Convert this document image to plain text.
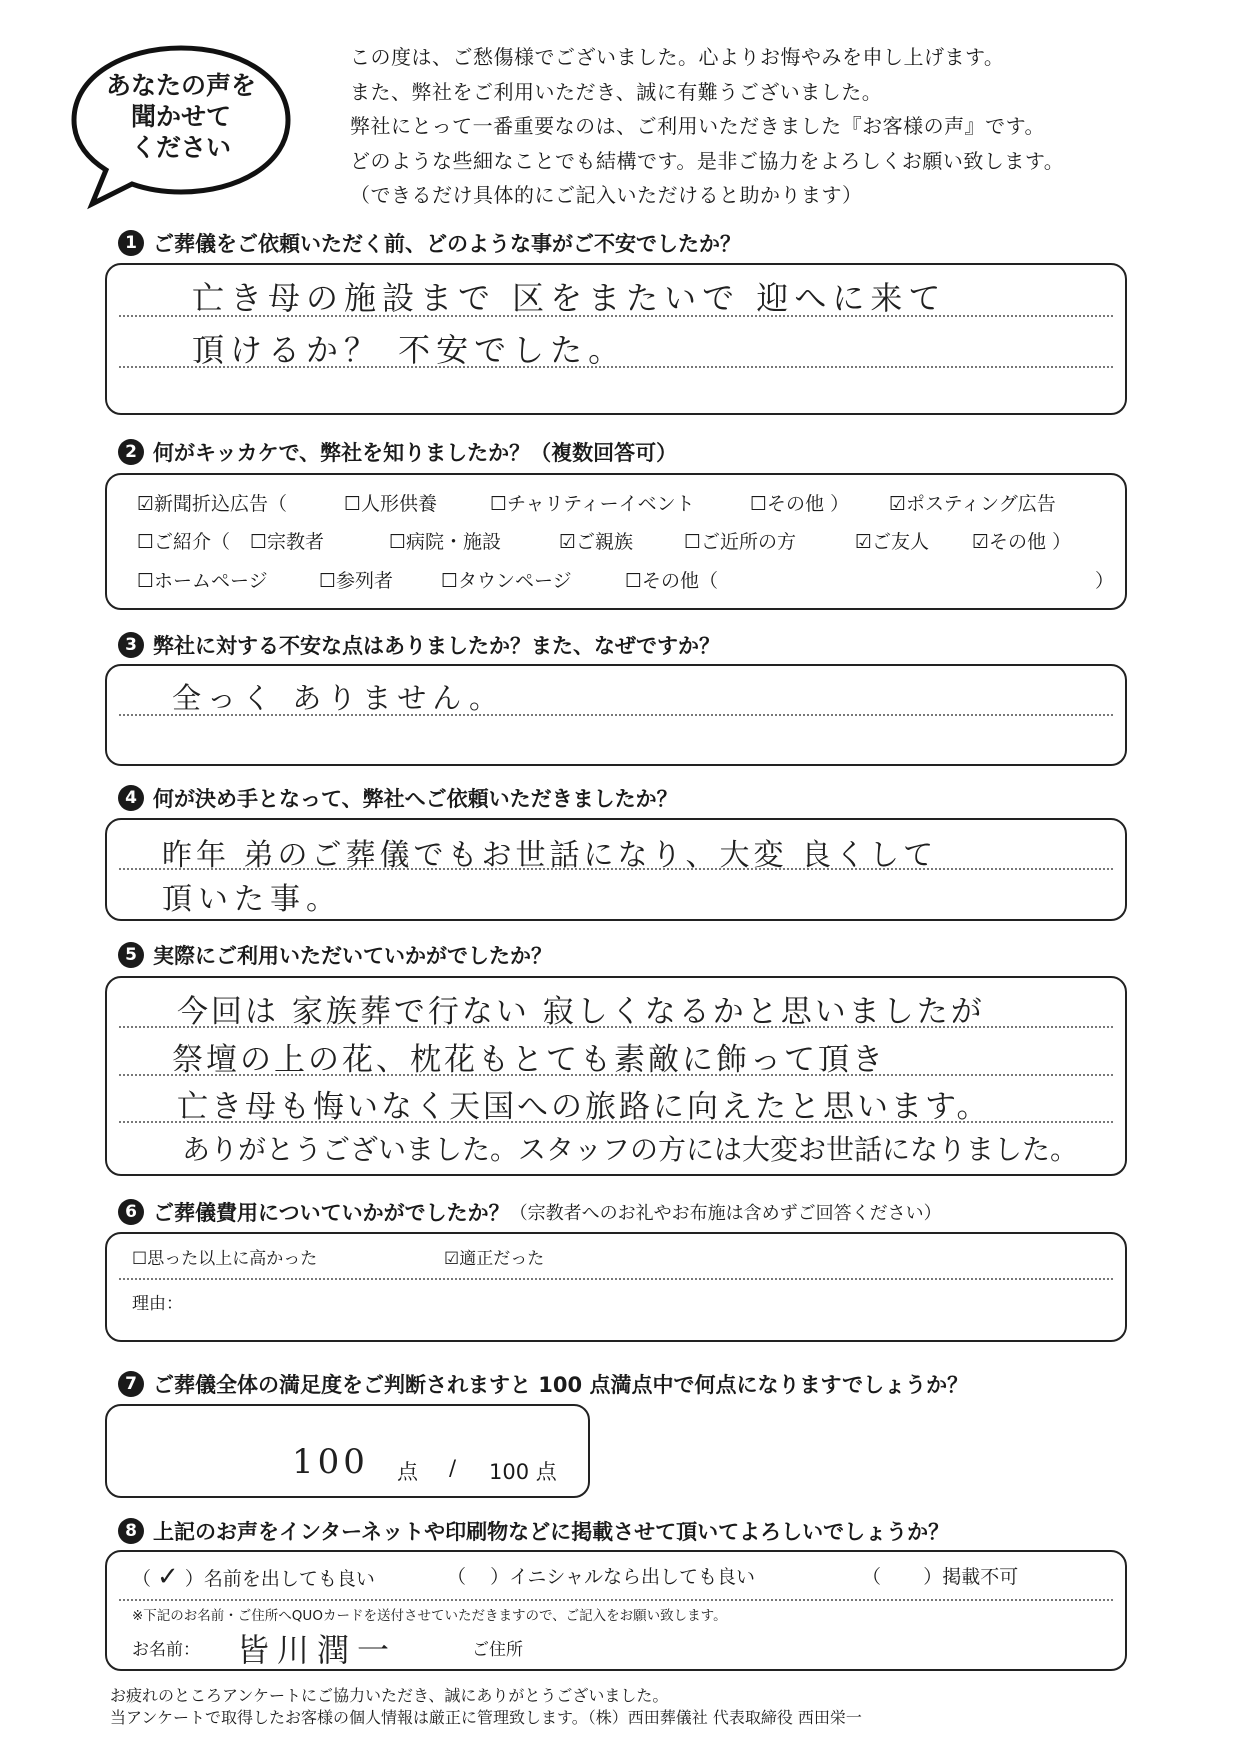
あなたの声を
聞かせて
ください
この度は、ご愁傷様でございました。心よりお悔やみを申し上げます。
また、弊社をご利用いただき、誠に有難うございました。
弊社にとって一番重要なのは、ご利用いただきました『お客様の声』です。
どのような些細なことでも結構です。是非ご協力をよろしくお願い致します。
（できるだけ具体的にご記入いただけると助かります）
1 ご葬儀をご依頼いただく前、どのような事がご不安でしたか？
亡き母の施設まで 区をまたいで 迎へに来て
頂けるか？ 不安でした。
2 何がキッカケで、弊社を知りましたか？（複数回答可）
☑新聞折込広告（	☐人形供養	☐チャリティーイベント	☐その他 ） ☑ポスティング広告
☐ご紹介（ ☐宗教者	☐病院・施設	☑ご親族	☐ご近所の方	☑ご友人 ☑その他 ）
☐ホームページ	☐参列者	☐タウンページ	☐その他（	）
3 弊社に対する不安な点はありましたか？また、なぜですか？
全っく ありません。
4 何が決め手となって、弊社へご依頼いただきましたか？
昨年 弟のご葬儀でもお世話になり、大変 良くして
頂いた事。
5 実際にご利用いただいていかがでしたか？
今回は 家族葬で行ない 寂しくなるかと思いましたが
祭壇の上の花、枕花もとても素敵に飾って頂き
亡き母も悔いなく天国への旅路に向えたと思います。
ありがとうございました。スタッフの方には大変お世話になりました。
6 ご葬儀費用についていかがでしたか？ （宗教者へのお礼やお布施は含めずご回答ください）
☐思った以上に高かった	☑適正だった
理由：
7 ご葬儀全体の満足度をご判断されますと 100 点満点中で何点になりますでしょうか？
100 点 / 100 点
8 上記のお声をインターネットや印刷物などに掲載させて頂いてよろしいでしょうか？
（ ✓ ）名前を出しても良い	（    ）イニシャルなら出しても良い	（       ）掲載不可
※下記のお名前・ご住所へQUOカードを送付させていただきますので、ご記入をお願い致します。
お名前： 皆川潤一	ご住所
お疲れのところアンケートにご協力いただき、誠にありがとうございました。
当アンケートで取得したお客様の個人情報は厳正に管理致します。（株）西田葬儀社 代表取締役 西田栄一
